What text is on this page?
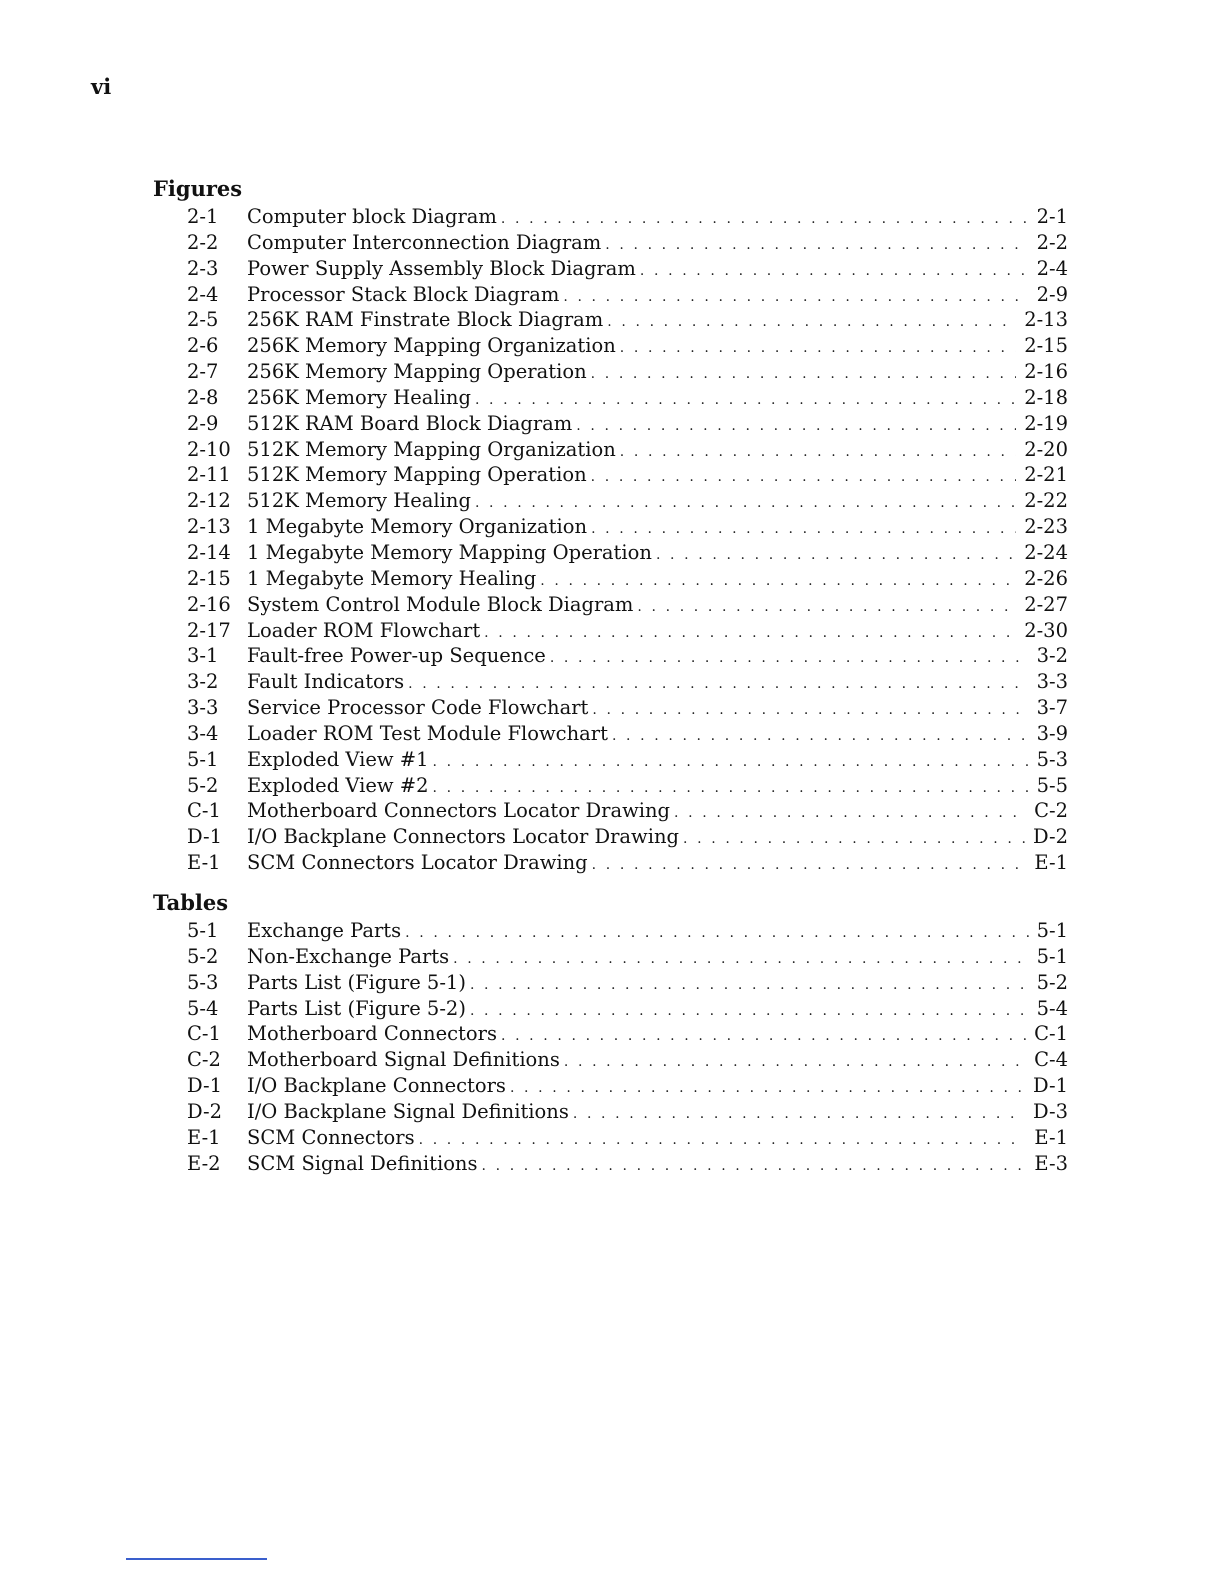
vi
Figures
2-1	Computer block Diagram . . .	2-1
2-2	Computer Interconnection Diagram . . .	2-2
2-3	Power Supply Assembly Block Diagram . . .	2-4
2-4	Processor Stack Block Diagram . . .	2-9
2-5	256K RAM Finstrate Block Diagram . . .	2-13
2-6	256K Memory Mapping Organization . . .	2-15
2-7	256K Memory Mapping Operation . . .	2-16
2-8	256K Memory Healing . . .	2-18
2-9	512K RAM Board Block Diagram . . .	2-19
2-10 512K Memory Mapping Organization . . .	2-20
2-11 512K Memory Mapping Operation . . .	2-21
2-12 512K Memory Healing . . .	2-22
2-13 1 Megabyte Memory Organization . . .	2-23
2-14 1 Megabyte Memory Mapping Operation . . .	2-24
2-15 1 Megabyte Memory Healing . . .	2-26
2-16 System Control Module Block Diagram . . .	2-27
2-17 Loader ROM Flowchart . . .	2-30
3-1	Fault-free Power-up Sequence . . .	3-2
3-2	Fault Indicators . . .	3-3
3-3	Service Processor Code Flowchart . . .	3-7
3-4	Loader ROM Test Module Flowchart . . .	3-9
5-1	Exploded View #1 . . .	5-3
5-2	Exploded View #2 . . .	5-5
C-1	Motherboard Connectors Locator Drawing . . .	C-2
D-1	I/O Backplane Connectors Locator Drawing . . .	D-2
E-1	SCM Connectors Locator Drawing . . .	E-1
Tables
5-1	Exchange Parts . . .	5-1
5-2	Non-Exchange Parts . . .	5-1
5-3	Parts List (Figure 5-1) . . .	5-2
5-4	Parts List (Figure 5-2) . . .	5-4
C-1	Motherboard Connectors . . .	C-1
C-2	Motherboard Signal Definitions . . .	C-4
D-1	I/O Backplane Connectors . . .	D-1
D-2	I/O Backplane Signal Definitions . . .	D-3
E-1	SCM Connectors . . .	E-1
E-2	SCM Signal Definitions . . .	E-3
